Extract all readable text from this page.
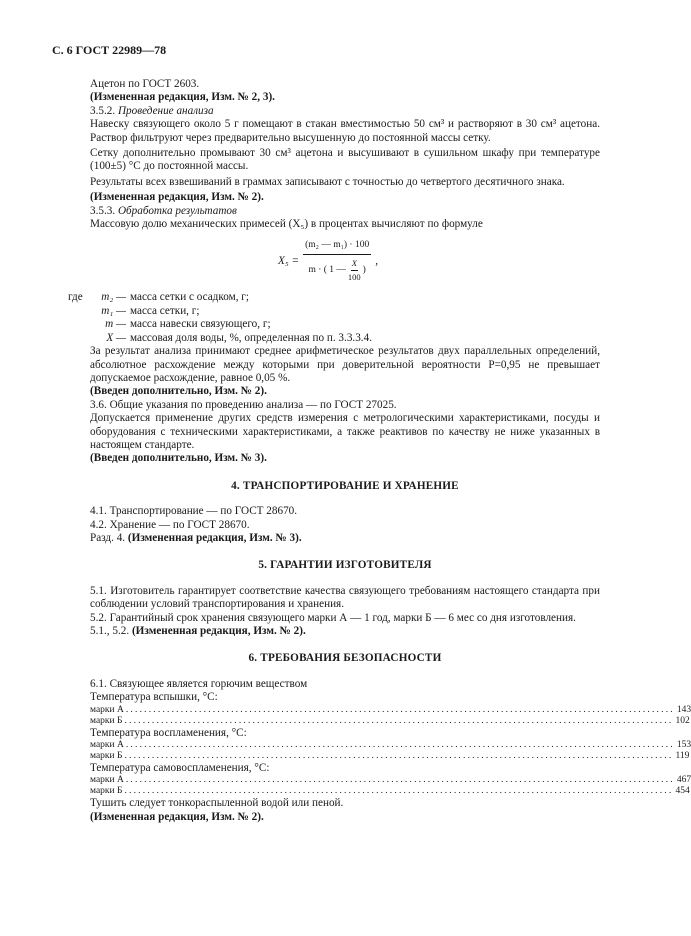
С. 6 ГОСТ 22989—78

Ацетон по ГОСТ 2603.

(Измененная редакция, Изм. № 2, 3).

3.5.2. Проведение анализа

Навеску связующего около 5 г помещают в стакан вместимостью 50 см³ и растворяют в 30 см³ ацетона. Раствор фильтруют через предварительно высушенную до постоянной массы сетку.

Сетку дополнительно промывают 30 см³ ацетона и высушивают в сушильном шкафу при температуре (100±5) °С до постоянной массы.

Результаты всех взвешиваний в граммах записывают с точностью до четвертого десятичного знака.

(Измененная редакция, Изм. № 2).

3.5.3. Обработка результатов

Массовую долю механических примесей (X₅) в процентах вычисляют по формуле

X₅ =
(m₂ — m₁) · 100
m · ( 1 — $\frac{X}{100}$ )
,
где	m₂ —	масса сетки с осадком, г;
	m₁ —	масса сетки, г;
	m —	масса навески связующего, г;
	X —	массовая доля воды, %, определенная по п. 3.3.3.4.

За результат анализа принимают среднее арифметическое результатов двух параллельных определений, абсолютное расхождение между которыми при доверительной вероятности P=0,95 не превышает допускаемое расхождение, равное 0,05 %.

(Введен дополнительно, Изм. № 2).

3.6. Общие указания по проведению анализа — по ГОСТ 27025.

Допускается применение других средств измерения с метрологическими характеристиками, посуды и оборудования с техническими характеристиками, а также реактивов по качеству не ниже указанных в настоящем стандарте.

(Введен дополнительно, Изм. № 3).

4. ТРАНСПОРТИРОВАНИЕ И ХРАНЕНИЕ

4.1. Транспортирование — по ГОСТ 28670.

4.2. Хранение — по ГОСТ 28670.

Разд. 4. (Измененная редакция, Изм. № 3).

5. ГАРАНТИИ ИЗГОТОВИТЕЛЯ

5.1. Изготовитель гарантирует соответствие качества связующего требованиям настоящего стандарта при соблюдении условий транспортирования и хранения.

5.2. Гарантийный срок хранения связующего марки А — 1 год, марки Б — 6 мес со дня изготовления.

5.1., 5.2. (Измененная редакция, Изм. № 2).

6. ТРЕБОВАНИЯ БЕЗОПАСНОСТИ

6.1. Связующее является горючим веществом

Температура вспышки, °С:

марки А ........................................................................................................................ 143
марки Б ........................................................................................................................ 102

Температура воспламенения, °С:

марки А ........................................................................................................................ 153
марки Б ........................................................................................................................ 119

Температура самовоспламенения, °С:

марки А ........................................................................................................................ 467
марки Б ........................................................................................................................ 454

Тушить следует тонкораспыленной водой или пеной.

(Измененная редакция, Изм. № 2).
